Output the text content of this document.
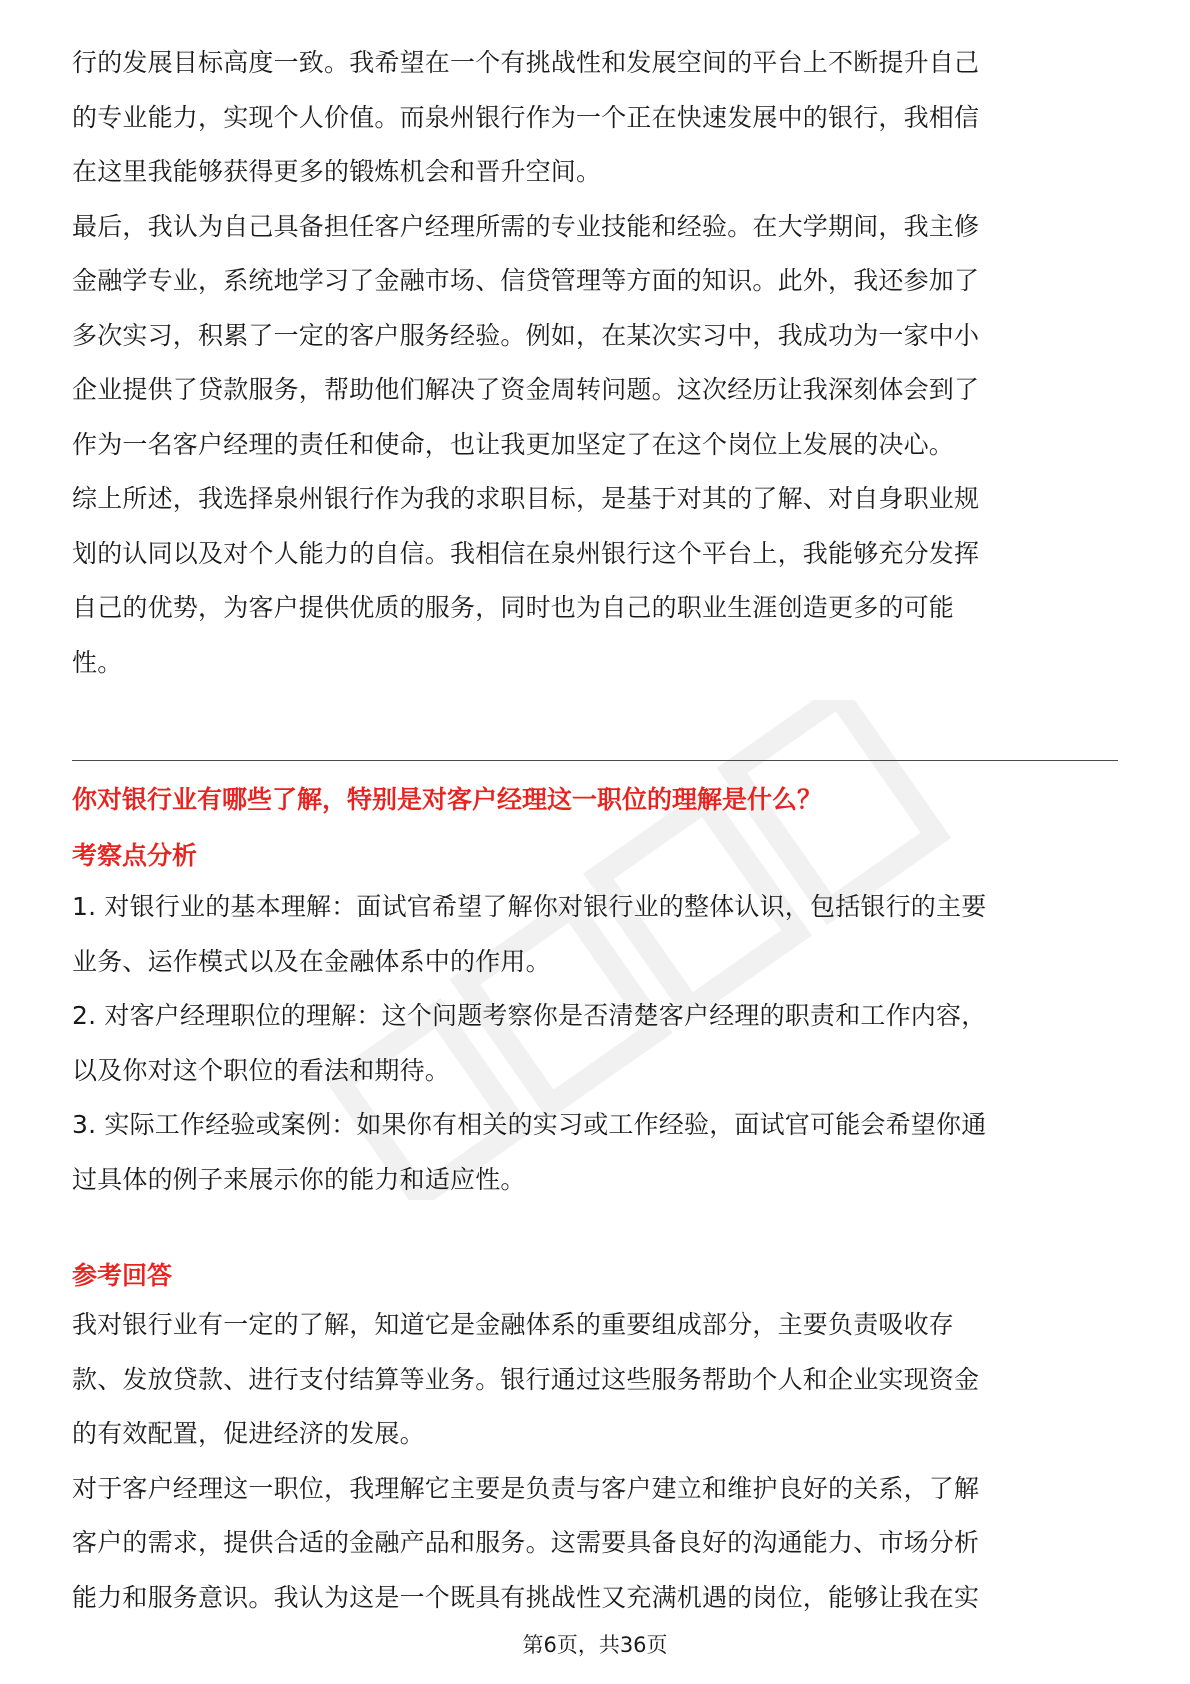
行的发展目标高度一致。我希望在一个有挑战性和发展空间的平台上不断提升自己
的专业能力，实现个人价值。而泉州银行作为一个正在快速发展中的银行，我相信
在这里我能够获得更多的锻炼机会和晋升空间。
最后，我认为自己具备担任客户经理所需的专业技能和经验。在大学期间，我主修
金融学专业，系统地学习了金融市场、信贷管理等方面的知识。此外，我还参加了
多次实习，积累了一定的客户服务经验。例如，在某次实习中，我成功为一家中小
企业提供了贷款服务，帮助他们解决了资金周转问题。这次经历让我深刻体会到了
作为一名客户经理的责任和使命，也让我更加坚定了在这个岗位上发展的决心。
综上所述，我选择泉州银行作为我的求职目标，是基于对其的了解、对自身职业规
划的认同以及对个人能力的自信。我相信在泉州银行这个平台上，我能够充分发挥
自己的优势，为客户提供优质的服务，同时也为自己的职业生涯创造更多的可能
性。
你对银行业有哪些了解，特别是对客户经理这一职位的理解是什么？
考察点分析
1. 对银行业的基本理解：面试官希望了解你对银行业的整体认识，包括银行的主要
业务、运作模式以及在金融体系中的作用。
2. 对客户经理职位的理解：这个问题考察你是否清楚客户经理的职责和工作内容，
以及你对这个职位的看法和期待。
3. 实际工作经验或案例：如果你有相关的实习或工作经验，面试官可能会希望你通
过具体的例子来展示你的能力和适应性。
参考回答
我对银行业有一定的了解，知道它是金融体系的重要组成部分，主要负责吸收存
款、发放贷款、进行支付结算等业务。银行通过这些服务帮助个人和企业实现资金
的有效配置，促进经济的发展。
对于客户经理这一职位，我理解它主要是负责与客户建立和维护良好的关系，了解
客户的需求，提供合适的金融产品和服务。这需要具备良好的沟通能力、市场分析
能力和服务意识。我认为这是一个既具有挑战性又充满机遇的岗位，能够让我在实
第6页，共36页
